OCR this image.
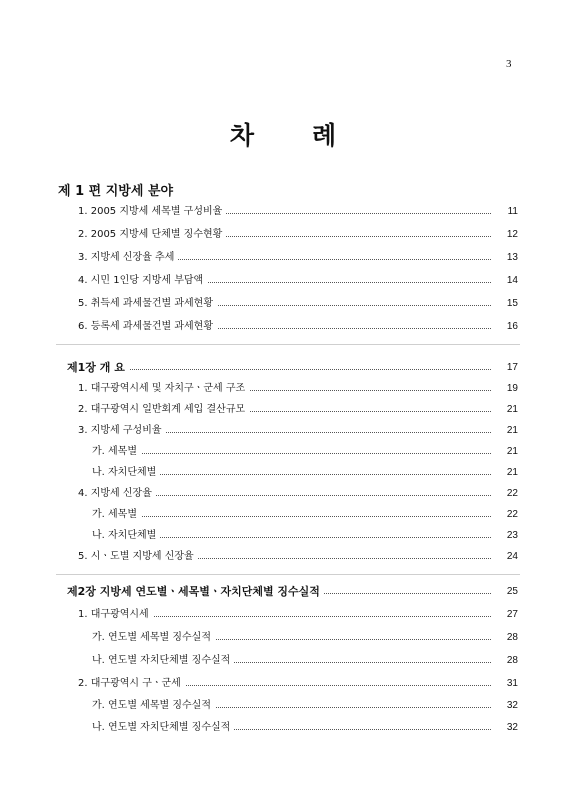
3
차 례
제 1 편 지방세 분야
1. 2005 지방세 세목별 구성비율	11
2. 2005 지방세 단체별 징수현황	12
3. 지방세 신장율 추세	13
4. 시민 1인당 지방세 부담액	14
5. 취득세 과세물건별 과세현황	15
6. 등록세 과세물건별 과세현황	16
제1장 개 요	17
1. 대구광역시세 및 자치구ㆍ군세 구조	19
2. 대구광역시 일반회계 세입 결산규모	21
3. 지방세 구성비율	21
가. 세목별	21
나. 자치단체별	21
4. 지방세 신장율	22
가. 세목별	22
나. 자치단체별	23
5. 시ㆍ도별 지방세 신장율	24
제2장 지방세 연도별ㆍ세목별ㆍ자치단체별 징수실적	25
1. 대구광역시세	27
가. 연도별 세목별 징수실적	28
나. 연도별 자치단체별 징수실적	28
2. 대구광역시 구ㆍ군세	31
가. 연도별 세목별 징수실적	32
나. 연도별 자치단체별 징수실적	32
